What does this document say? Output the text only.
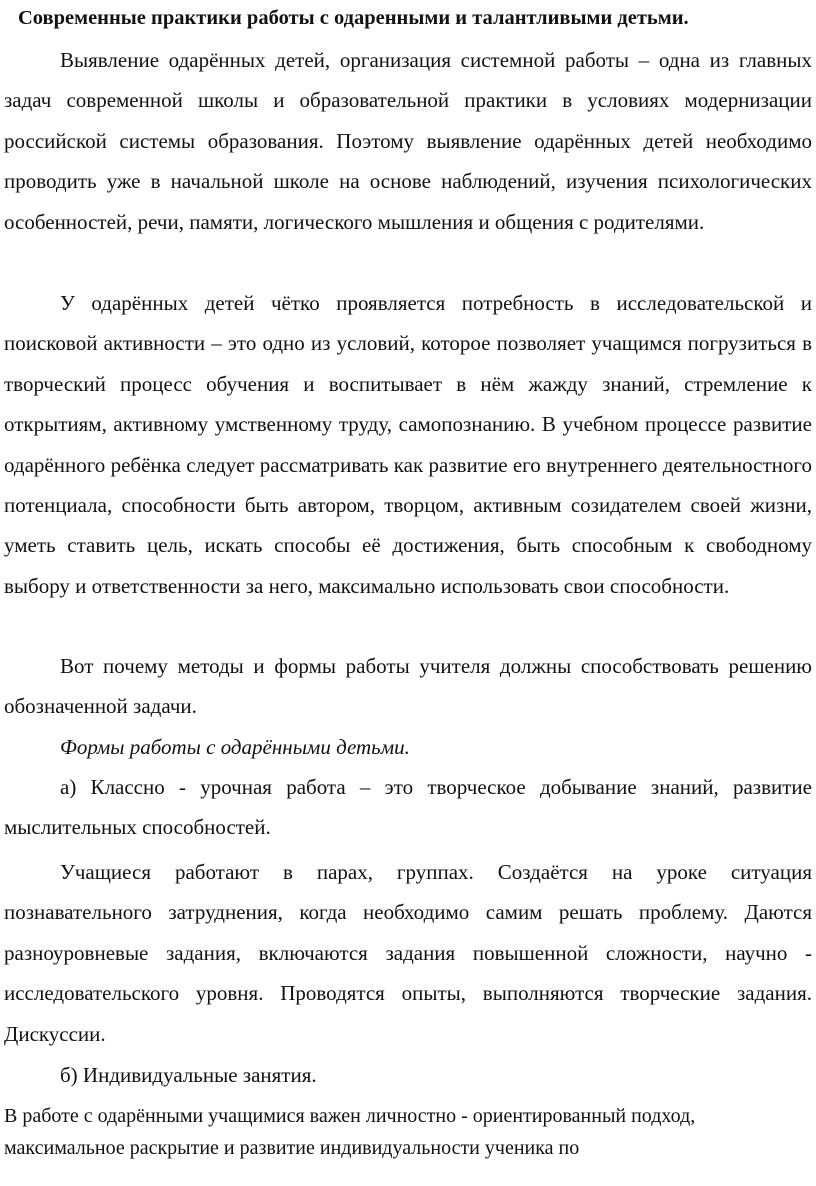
Современные практики работы с одаренными и талантливыми детьми.

Выявление одарённых детей, организация системной работы – одна из главных задач современной школы и образовательной практики в условиях модернизации российской системы образования. Поэтому выявление одарённых детей необходимо проводить уже в начальной школе на основе наблюдений, изучения психологических особенностей, речи, памяти, логического мышления и общения с родителями.

У одарённых детей чётко проявляется потребность в исследовательской и поисковой активности – это одно из условий, которое позволяет учащимся погрузиться в творческий процесс обучения и воспитывает в нём жажду знаний, стремление к открытиям, активному умственному труду, самопознанию. В учебном процессе развитие одарённого ребёнка следует рассматривать как развитие его внутреннего деятельностного потенциала, способности быть автором, творцом, активным созидателем своей жизни, уметь ставить цель, искать способы её достижения, быть способным к свободному выбору и ответственности за него, максимально использовать свои способности.

Вот почему методы и формы работы учителя должны способствовать решению обозначенной задачи.

Формы работы с одарёнными детьми.

а) Классно - урочная работа – это творческое добывание знаний, развитие мыслительных способностей.

Учащиеся работают в парах, группах. Создаётся на уроке ситуация познавательного затруднения, когда необходимо самим решать проблему. Даются разноуровневые задания, включаются задания повышенной сложности, научно - исследовательского уровня. Проводятся опыты, выполняются творческие задания. Дискуссии.

б) Индивидуальные занятия.

В работе с одарёнными учащимися важен личностно - ориентированный подход, максимальное раскрытие и развитие индивидуальности ученика по
